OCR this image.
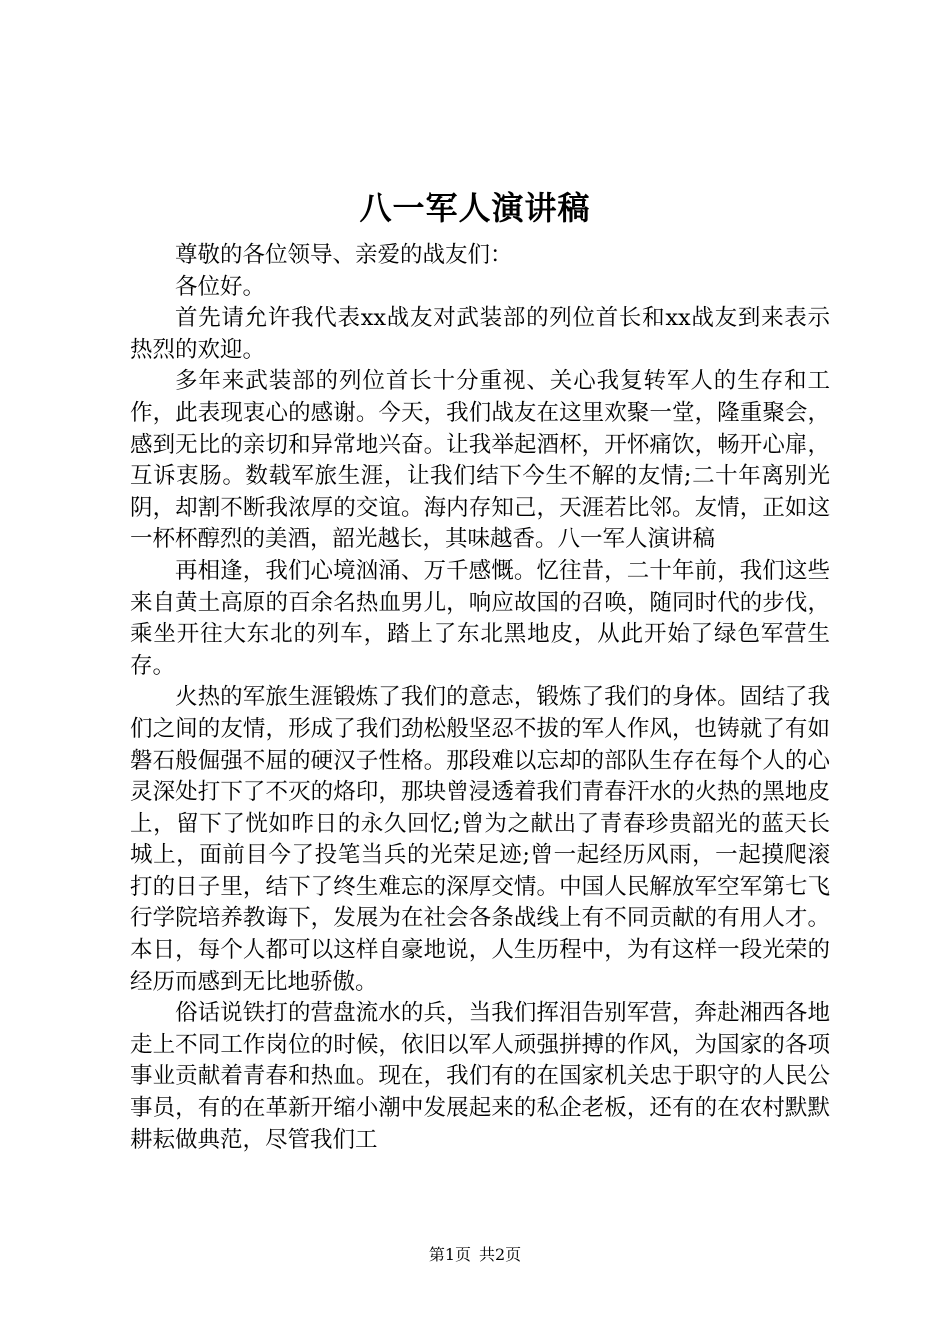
八一军人演讲稿

尊敬的各位领导、亲爱的战友们：

各位好。

首先请允许我代表xx战友对武装部的列位首长和xx战友到来表示热烈的欢迎。

多年来武装部的列位首长十分重视、关心我复转军人的生存和工作，此表现衷心的感谢。今天，我们战友在这里欢聚一堂，隆重聚会，感到无比的亲切和异常地兴奋。让我举起酒杯，开怀痛饮，畅开心扉，互诉衷肠。数载军旅生涯，让我们结下今生不解的友情;二十年离别光阴，却割不断我浓厚的交谊。海内存知己，天涯若比邻。友情，正如这一杯杯醇烈的美酒，韶光越长，其味越香。八一军人演讲稿

再相逢，我们心境汹涌、万千感慨。忆往昔，二十年前，我们这些来自黄土高原的百余名热血男儿，响应故国的召唤，随同时代的步伐，乘坐开往大东北的列车，踏上了东北黑地皮，从此开始了绿色军营生存。

火热的军旅生涯锻炼了我们的意志，锻炼了我们的身体。固结了我们之间的友情，形成了我们劲松般坚忍不拔的军人作风，也铸就了有如磐石般倔强不屈的硬汉子性格。那段难以忘却的部队生存在每个人的心灵深处打下了不灭的烙印，那块曾浸透着我们青春汗水的火热的黑地皮上，留下了恍如昨日的永久回忆;曾为之献出了青春珍贵韶光的蓝天长城上，面前目今了投笔当兵的光荣足迹;曾一起经历风雨，一起摸爬滚打的日子里，结下了终生难忘的深厚交情。中国人民解放军空军第七飞行学院培养教诲下，发展为在社会各条战线上有不同贡献的有用人才。本日，每个人都可以这样自豪地说，人生历程中，为有这样一段光荣的经历而感到无比地骄傲。

俗话说铁打的营盘流水的兵，当我们挥泪告别军营，奔赴湘西各地走上不同工作岗位的时候，依旧以军人顽强拼搏的作风，为国家的各项事业贡献着青春和热血。现在，我们有的在国家机关忠于职守的人民公事员，有的在革新开缩小潮中发展起来的私企老板，还有的在农村默默耕耘做典范，尽管我们工

第1页 共2页
